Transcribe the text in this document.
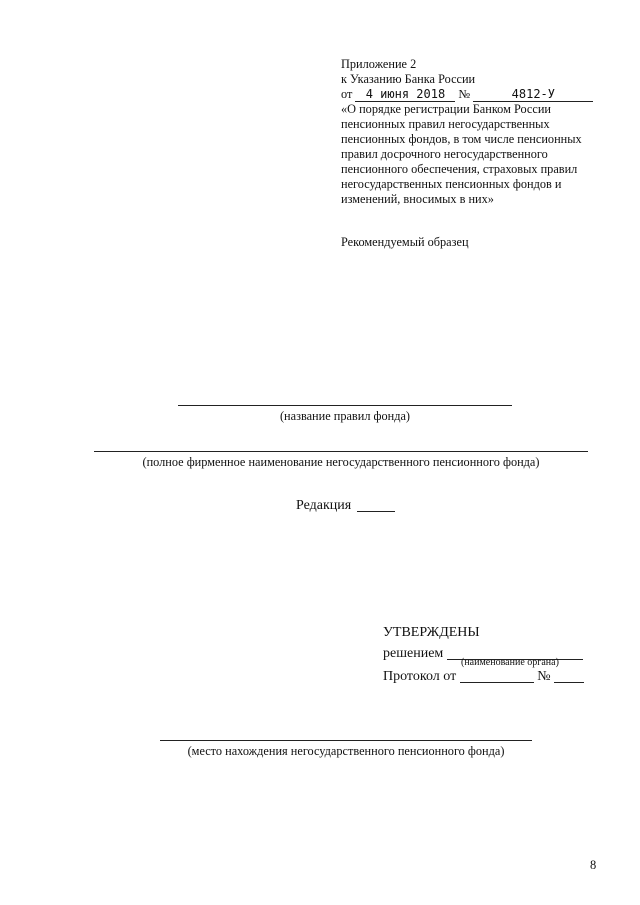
Приложение 2
к Указанию Банка России
от 4 июня 2018 №	4812-У
«О порядке регистрации Банком России
пенсионных правил негосударственных
пенсионных фондов, в том числе пенсионных
правил досрочного негосударственного
пенсионного обеспечения, страховых правил
негосударственных пенсионных фондов и
изменений, вносимых в них»
Рекомендуемый образец
(название правил фонда)
(полное фирменное наименование негосударственного пенсионного фонда)
Редакция
УТВЕРЖДЕНЫ
решением
(наименование органа)
Протокол от	№
(место нахождения негосударственного пенсионного фонда)
8
